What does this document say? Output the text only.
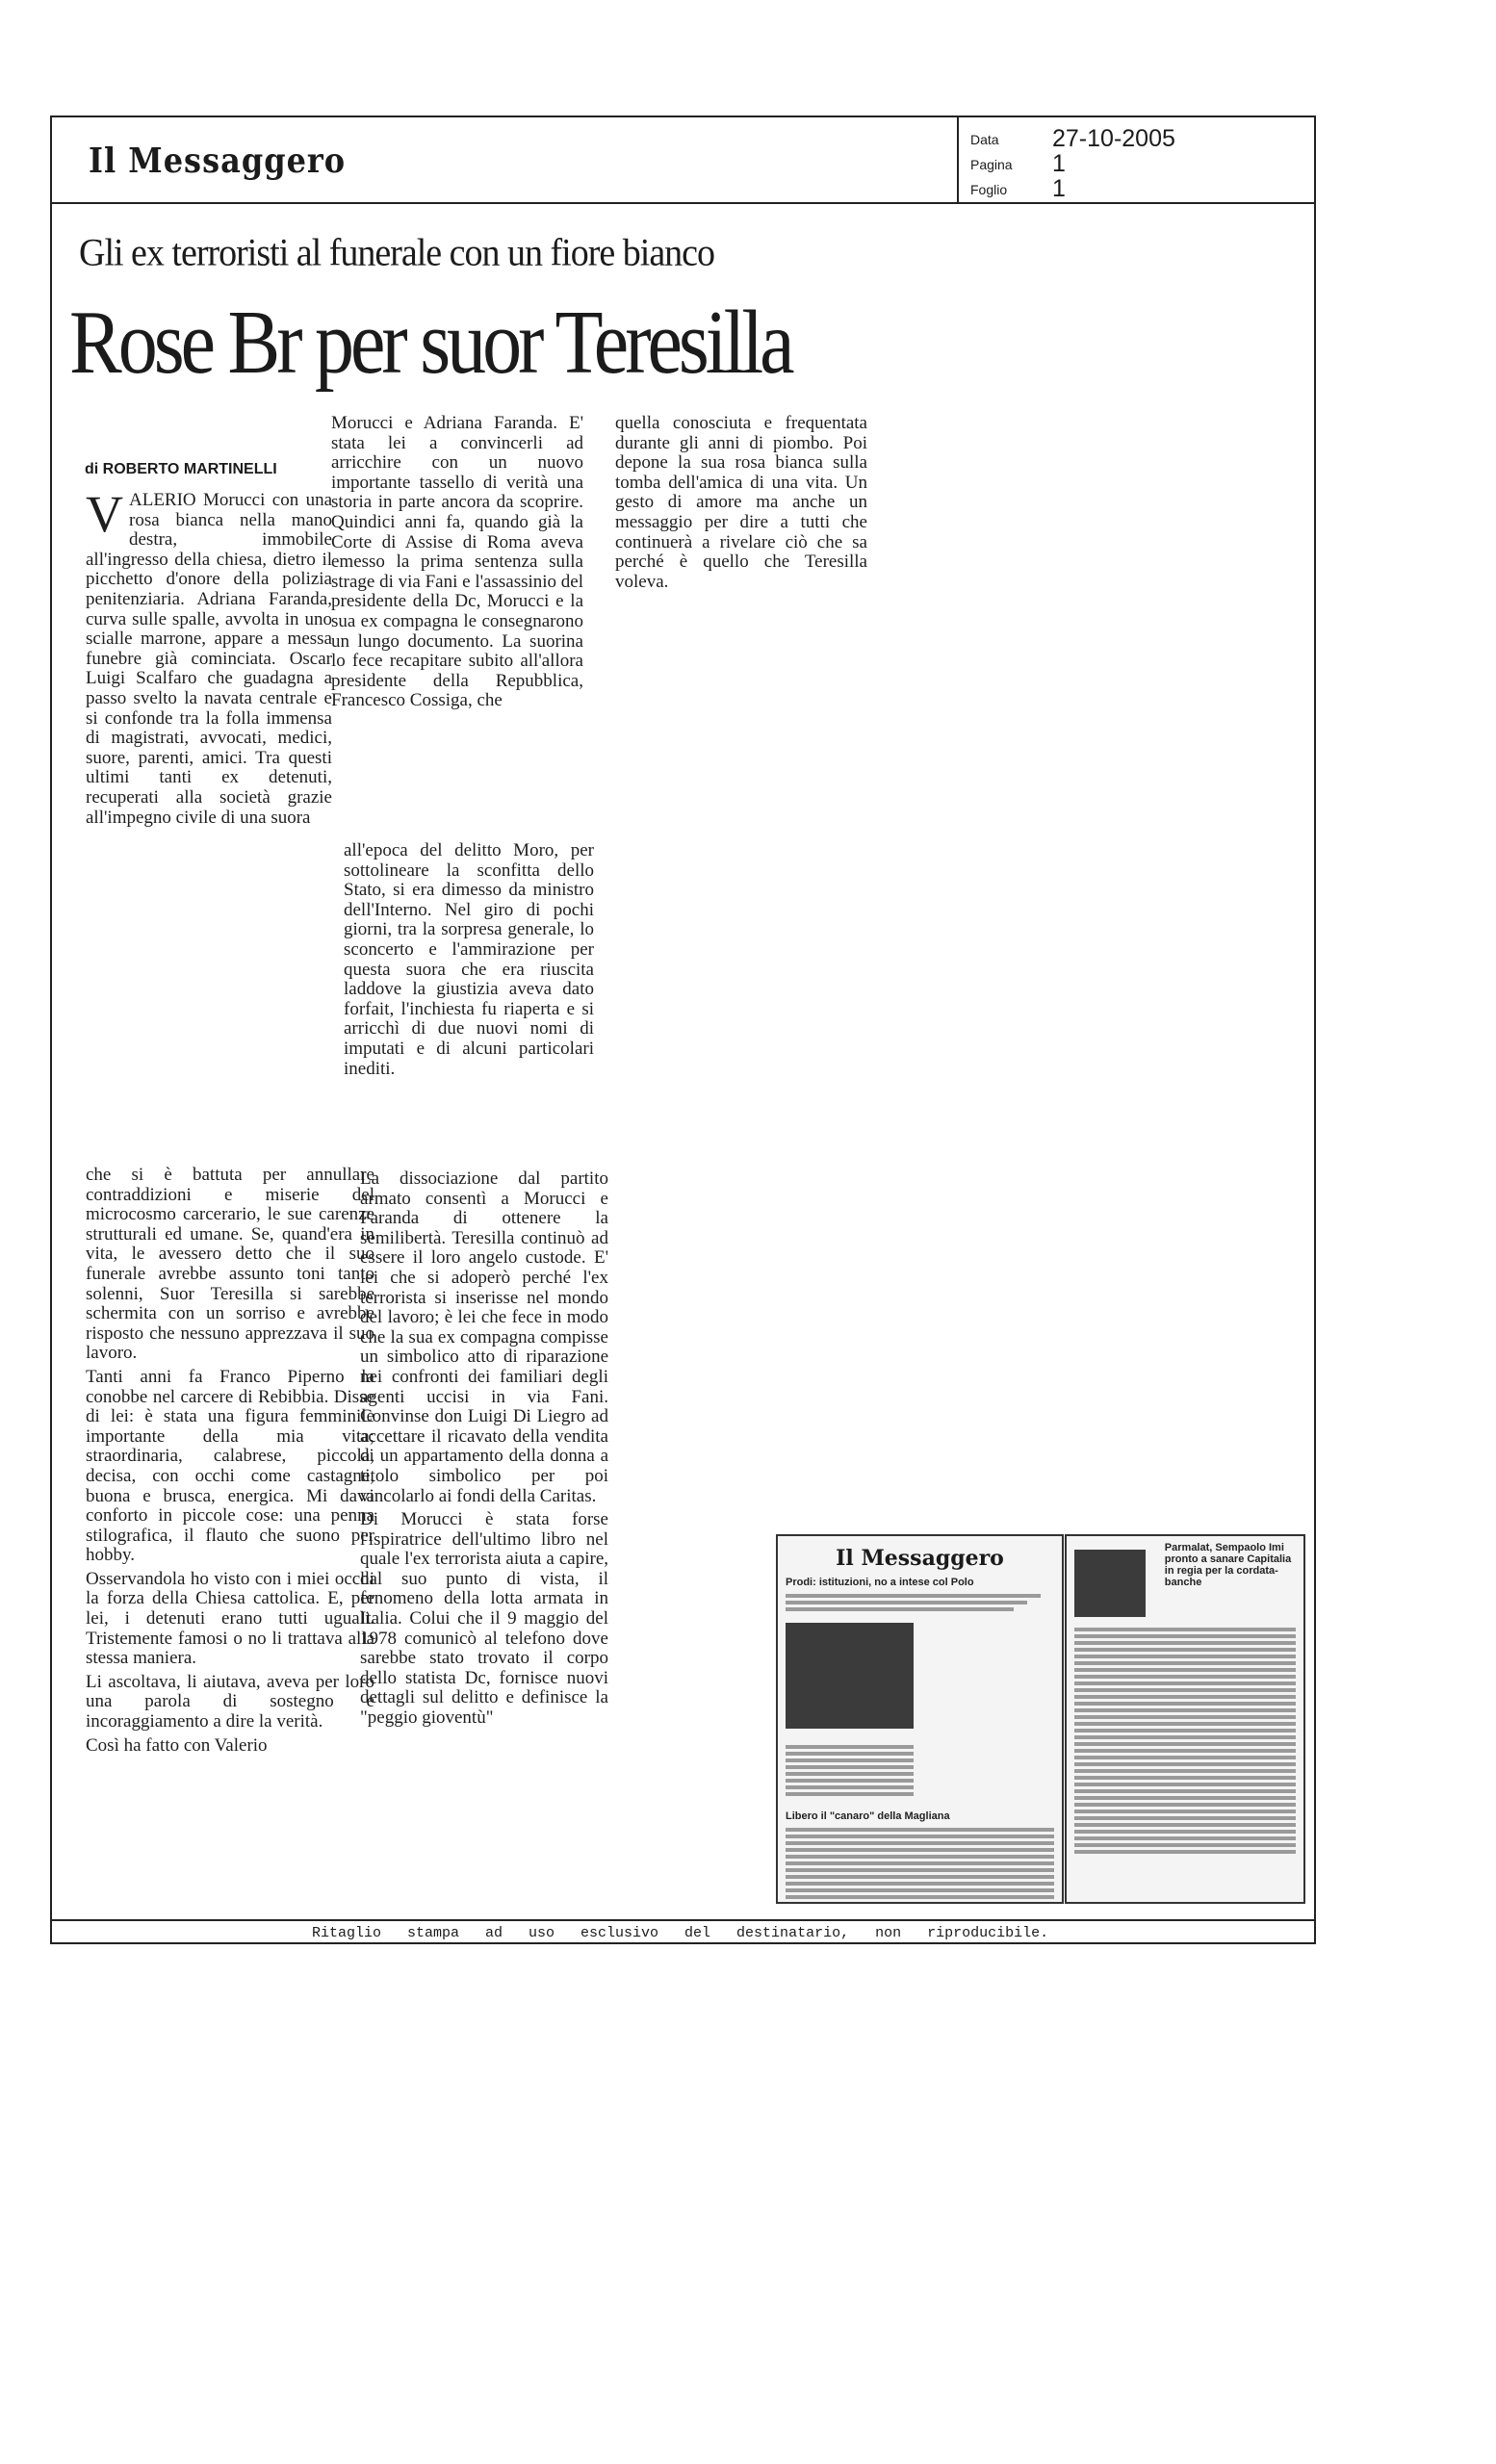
Il Messaggero
Data 27-10-2005
Pagina 1
Foglio 1
Gli ex terroristi al funerale con un fiore bianco
Rose Br per suor Teresilla
di ROBERTO MARTINELLI
VALERIO Morucci con una rosa bianca nella mano destra, immobile all'ingresso della chiesa, dietro il picchetto d'onore della polizia penitenziaria. Adriana Faranda, curva sulle spalle, avvolta in uno scialle marrone, appare a messa funebre già cominciata. Oscar Luigi Scalfaro che guadagna a passo svelto la navata centrale e si confonde tra la folla immensa di magistrati, avvocati, medici, suore, parenti, amici. Tra questi ultimi tanti ex detenuti, recuperati alla società grazie all'impegno civile di una suora

Morucci e Adriana Faranda. E' stata lei a convincerli ad arricchire con un nuovo importante tassello di verità una storia in parte ancora da scoprire. Quindici anni fa, quando già la Corte di Assise di Roma aveva emesso la prima sentenza sulla strage di via Fani e l'assassinio del presidente della Dc, Morucci e la sua ex compagna le consegnarono un lungo documento. La suorina lo fece recapitare subito all'allora presidente della Repubblica, Francesco Cossiga, che

all'epoca del delitto Moro, per sottolineare la sconfitta dello Stato, si era dimesso da ministro dell'Interno. Nel giro di pochi giorni, tra la sorpresa generale, lo sconcerto e l'ammirazione per questa suora che era riuscita laddove la giustizia aveva dato forfait, l'inchiesta fu riaperta e si arricchì di due nuovi nomi di imputati e di alcuni particolari inediti.

che si è battuta per annullare contraddizioni e miserie del microcosmo carcerario, le sue carenze strutturali ed umane. Se, quand'era in vita, le avessero detto che il suo funerale avrebbe assunto toni tanto solenni, Suor Teresilla si sarebbe schermita con un sorriso e avrebbe risposto che nessuno apprezzava il suo lavoro.

Tanti anni fa Franco Piperno la conobbe nel carcere di Rebibbia. Disse di lei: è stata una figura femminile importante della mia vita; straordinaria, calabrese, piccola, decisa, con occhi come castagne, buona e brusca, energica. Mi dava conforto in piccole cose: una penna stilografica, il flauto che suono per hobby.

Osservandola ho visto con i miei occhi la forza della Chiesa cattolica. E, per lei, i detenuti erano tutti uguali. Tristemente famosi o no li trattava alla stessa maniera.

Li ascoltava, li aiutava, aveva per loro una parola di sostegno e incoraggiamento a dire la verità.

Così ha fatto con Valerio

La dissociazione dal partito armato consentì a Morucci e Faranda di ottenere la semilibertà. Teresilla continuò ad essere il loro angelo custode. E' lei che si adoperò perché l'ex terrorista si inserisse nel mondo del lavoro; è lei che fece in modo che la sua ex compagna compisse un simbolico atto di riparazione nei confronti dei familiari degli agenti uccisi in via Fani. Convinse don Luigi Di Liegro ad accettare il ricavato della vendita di un appartamento della donna a titolo simbolico per poi vincolarlo ai fondi della Caritas.

Di Morucci è stata forse l'ispiratrice dell'ultimo libro nel quale l'ex terrorista aiuta a capire, dal suo punto di vista, il fenomeno della lotta armata in Italia. Colui che il 9 maggio del 1978 comunicò al telefono dove sarebbe stato trovato il corpo dello statista Dc, fornisce nuovi dettagli sul delitto e definisce la "peggio gioventù"

quella conosciuta e frequentata durante gli anni di piombo. Poi depone la sua rosa bianca sulla tomba dell'amica di una vita. Un gesto di amore ma anche un messaggio per dire a tutti che continuerà a rivelare ciò che sa perché è quello che Teresilla voleva.

Il Messaggero
Prodi: istituzioni, no a intese col Polo

Libero il "canaro" della Magliana
Parmalat, Sempaolo Imi pronto a sanare Capitalia in regia per la cordata-banche
Ritaglio stampa ad uso esclusivo del destinatario, non riproducibile.
